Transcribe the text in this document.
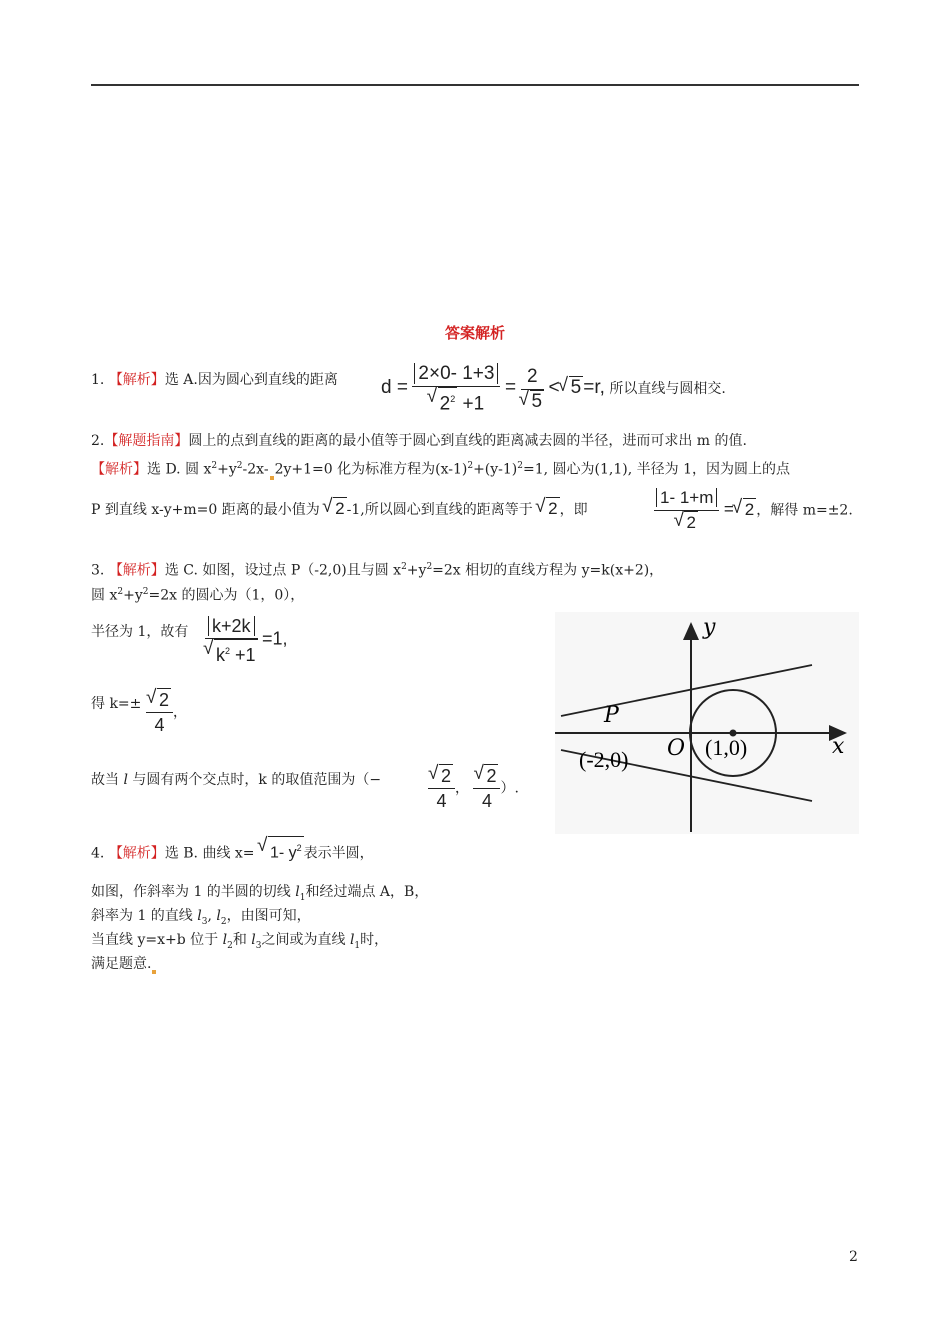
答案解析
1. 【解析】选 A.因为圆心到直线的距离 d = 2×0- 1+3
√ $2^2 +1 = 2$
√ 5 < √ 5 =r, 所以直线与圆相交.
2.【解题指南】圆上的点到直线的距离的最小值等于圆心到直线的距离减去圆的半径，进而可求出 m 的值.
【解析】选 D. 圆 $x^2+y^2-2x-$ 2y+1=0 化为标准方程为$(x-1)^2+(y-1)^2=1$, 圆心为(1,1), 半径为 1，因为圆上的点
P 到直线 x-y+m=0 距离的最小值为 √ 2 -1,所以圆心到直线的距离等于 √ 2 ，即	1- 1+m
√ 2 = √ 2 ，解得 m=±2.
3. 【解析】选 C. 如图，设过点 P（-2,0)且与圆 $x^2+y^2=2x$ 相切的直线方程为 y=k(x+2)，
圆 $x^2+y^2=2x$ 的圆心为（1，0），
半径为 1，故有 k+2k
√ $k^2 +1 =1$,
得 k=± √ $\frac{2}{4}$ ，
故当 l 与圆有两个交点时，k 的取值范围为（−	√ $\frac{2}{4}$ ， √ $\frac{2}{4}$ ）.
y
x
P
(-2,0) O (1,0)
4. 【解析】选 B. 曲线 x= √ 1- $y^2$ 表示半圆，
如图，作斜率为 1 的半圆的切线 $l_1$和经过端点 A，B，
斜率为 1 的直线 $l_3$, $l_2$，由图可知，
当直线 y=x+b 位于 $l_2$和 $l_3$之间或为直线 $l_1$时，
满足题意.
2
